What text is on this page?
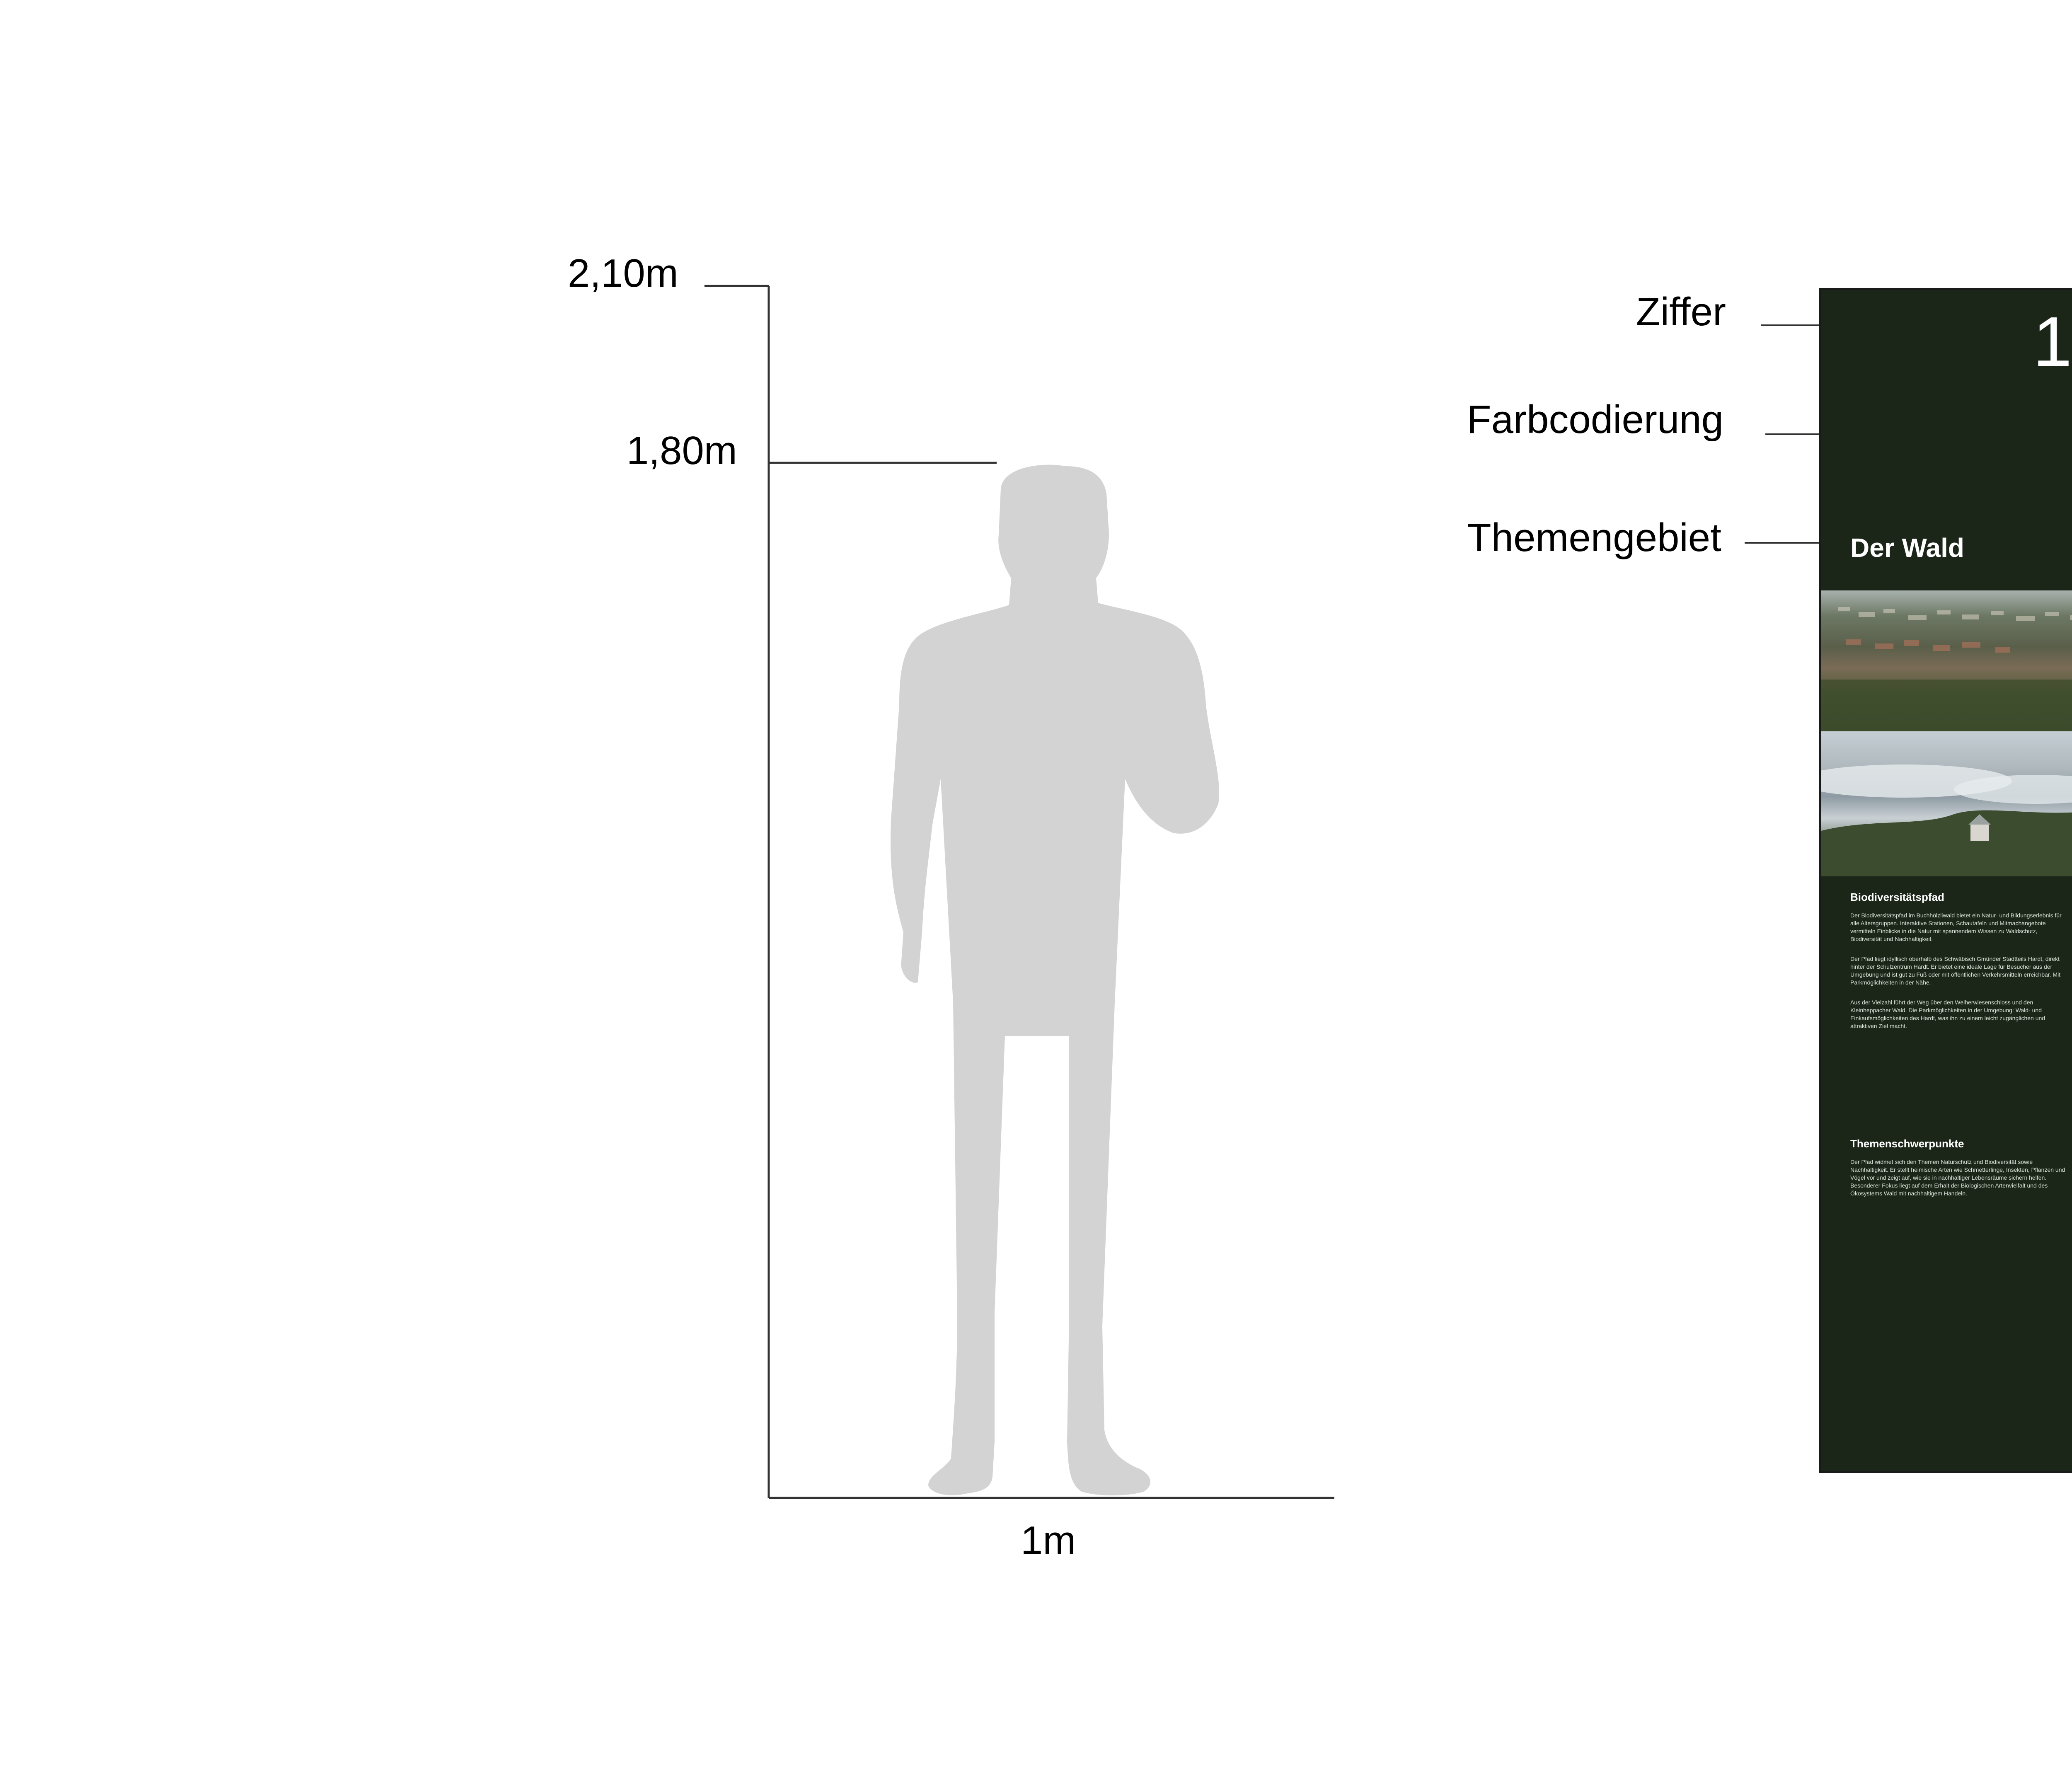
2,10m
1,80m
1m
Ziffer
Farbcodierung
Themengebiet
1
Der Wald
Biodiversitätspfad
Der Biodiversitätspfad im Buchhölzliwald bietet ein Natur- und Bildungserlebnis für alle Altersgruppen. Interaktive Stationen, Schautafeln und Mitmachangebote vermitteln Einblicke in die Natur mit spannendem Wissen zu Waldschutz, Biodiversität und Nachhaltigkeit.
Der Pfad liegt idyllisch oberhalb des Schwäbisch Gmünder Stadtteils Hardt, direkt hinter der Schulzentrum Hardt. Er bietet eine ideale Lage für Besucher aus der Umgebung und ist gut zu Fuß oder mit öffentlichen Verkehrsmitteln erreichbar. Mit Parkmöglichkeiten in der Nähe.
Aus der Vielzahl führt der Weg über den Weiherwiesenschloss und den Kleinheppacher Wald. Die Parkmöglichkeiten in der Umgebung: Wald- und Einkaufsmöglichkeiten des Hardt, was ihn zu einem leicht zugänglichen und attraktiven Ziel macht.
Themenschwerpunkte
Der Pfad widmet sich den Themen Naturschutz und Biodiversität sowie Nachhaltigkeit. Er stellt heimische Arten wie Schmetterlinge, Insekten, Pflanzen und Vögel vor und zeigt auf, wie sie in nachhaltiger Lebensräume sichern helfen. Besonderer Fokus liegt auf dem Erhalt der Biologischen Artenvielfalt und des Ökosystems Wald mit nachhaltigem Handeln.
